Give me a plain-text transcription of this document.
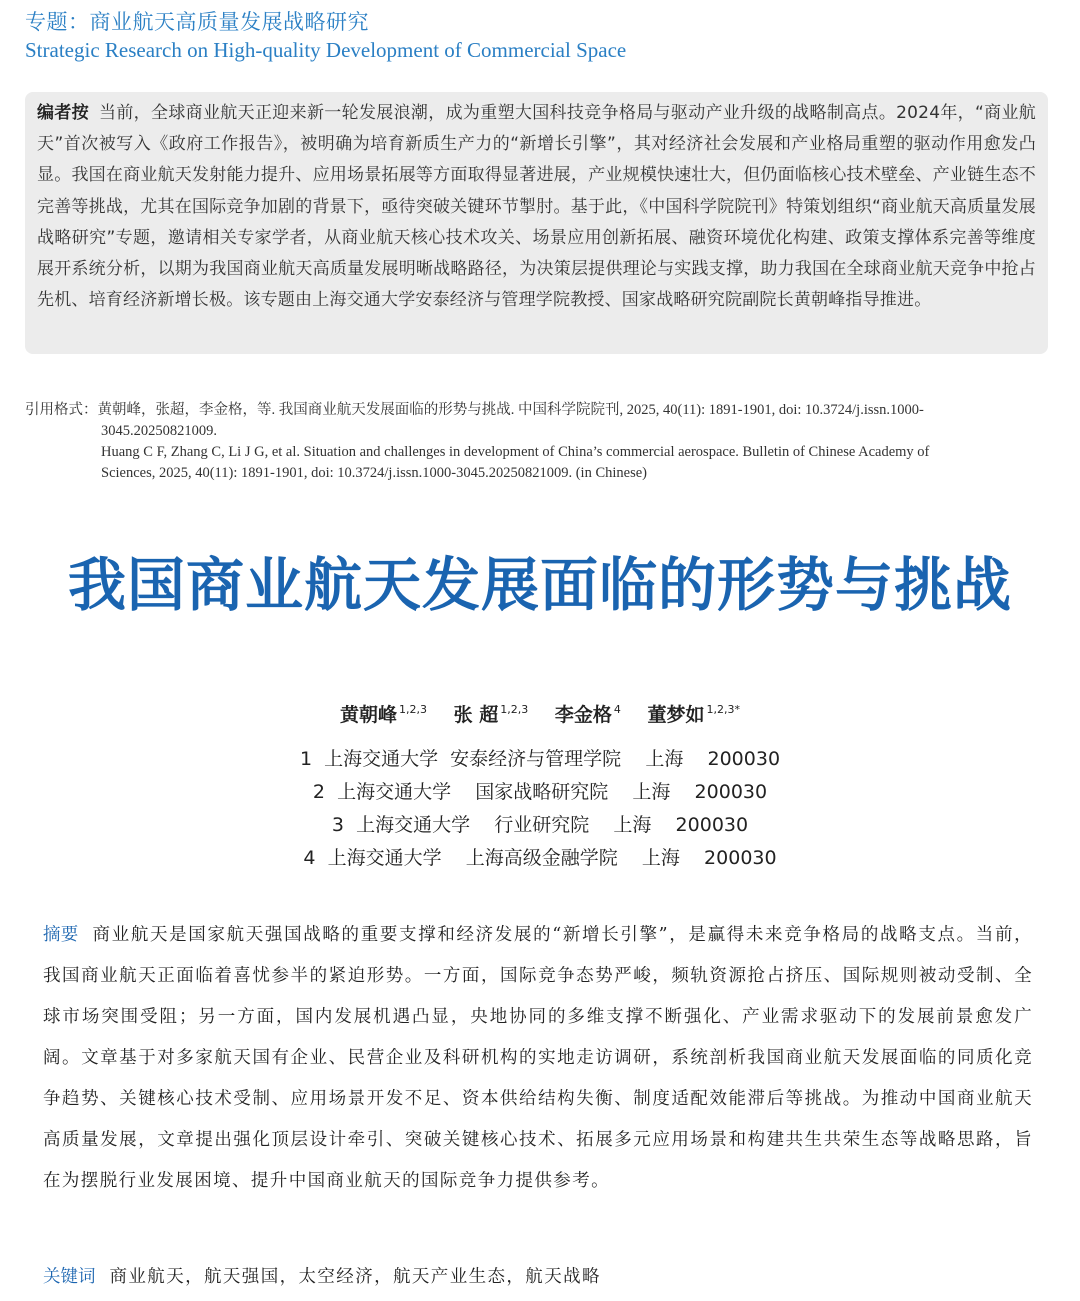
专题：商业航天高质量发展战略研究
Strategic Research on High-quality Development of Commercial Space
编者按 当前，全球商业航天正迎来新一轮发展浪潮，成为重塑大国科技竞争格局与驱动产业升级的战略制高点。2024年，“商业航天”首次被写入《政府工作报告》，被明确为培育新质生产力的“新增长引擎”，其对经济社会发展和产业格局重塑的驱动作用愈发凸显。我国在商业航天发射能力提升、应用场景拓展等方面取得显著进展，产业规模快速壮大，但仍面临核心技术壁垒、产业链生态不完善等挑战，尤其在国际竞争加剧的背景下，亟待突破关键环节掣肘。基于此，《中国科学院院刊》特策划组织“商业航天高质量发展战略研究”专题，邀请相关专家学者，从商业航天核心技术攻关、场景应用创新拓展、融资环境优化构建、政策支撑体系完善等维度展开系统分析，以期为我国商业航天高质量发展明晰战略路径，为决策层提供理论与实践支撑，助力我国在全球商业航天竞争中抢占先机、培育经济新增长极。该专题由上海交通大学安泰经济与管理学院教授、国家战略研究院副院长黄朝峰指导推进。
引用格式：黄朝峰，张超，李金格，等. 我国商业航天发展面临的形势与挑战. 中国科学院院刊, 2025, 40(11): 1891-1901, doi: 10.3724/j.issn.1000-
3045.20250821009.
Huang C F, Zhang C, Li J G, et al. Situation and challenges in development of China’s commercial aerospace. Bulletin of Chinese Academy of
Sciences, 2025, 40(11): 1891-1901, doi: 10.3724/j.issn.1000-3045.20250821009. (in Chinese)
我国商业航天发展面临的形势与挑战
黄朝峰 $^{1,2,3}$ 张 超 $^{1,2,3}$ 李金格 $^4$ 董梦如 $^{1,2,3*}$
1  上海交通大学  安泰经济与管理学院    上海    200030
2  上海交通大学    国家战略研究院    上海    200030
3  上海交通大学    行业研究院    上海    200030
4  上海交通大学    上海高级金融学院    上海    200030
摘要 商业航天是国家航天强国战略的重要支撑和经济发展的“新增长引擎”，是赢得未来竞争格局的战略支点。当前，我国商业航天正面临着喜忧参半的紧迫形势。一方面，国际竞争态势严峻，频轨资源抢占挤压、国际规则被动受制、全球市场突围受阻；另一方面，国内发展机遇凸显，央地协同的多维支撑不断强化、产业需求驱动下的发展前景愈发广阔。文章基于对多家航天国有企业、民营企业及科研机构的实地走访调研，系统剖析我国商业航天发展面临的同质化竞争趋势、关键核心技术受制、应用场景开发不足、资本供给结构失衡、制度适配效能滞后等挑战。为推动中国商业航天高质量发展，文章提出强化顶层设计牵引、突破关键核心技术、拓展多元应用场景和构建共生共荣生态等战略思路，旨在为摆脱行业发展困境、提升中国商业航天的国际竞争力提供参考。
关键词 商业航天，航天强国，太空经济，航天产业生态，航天战略
